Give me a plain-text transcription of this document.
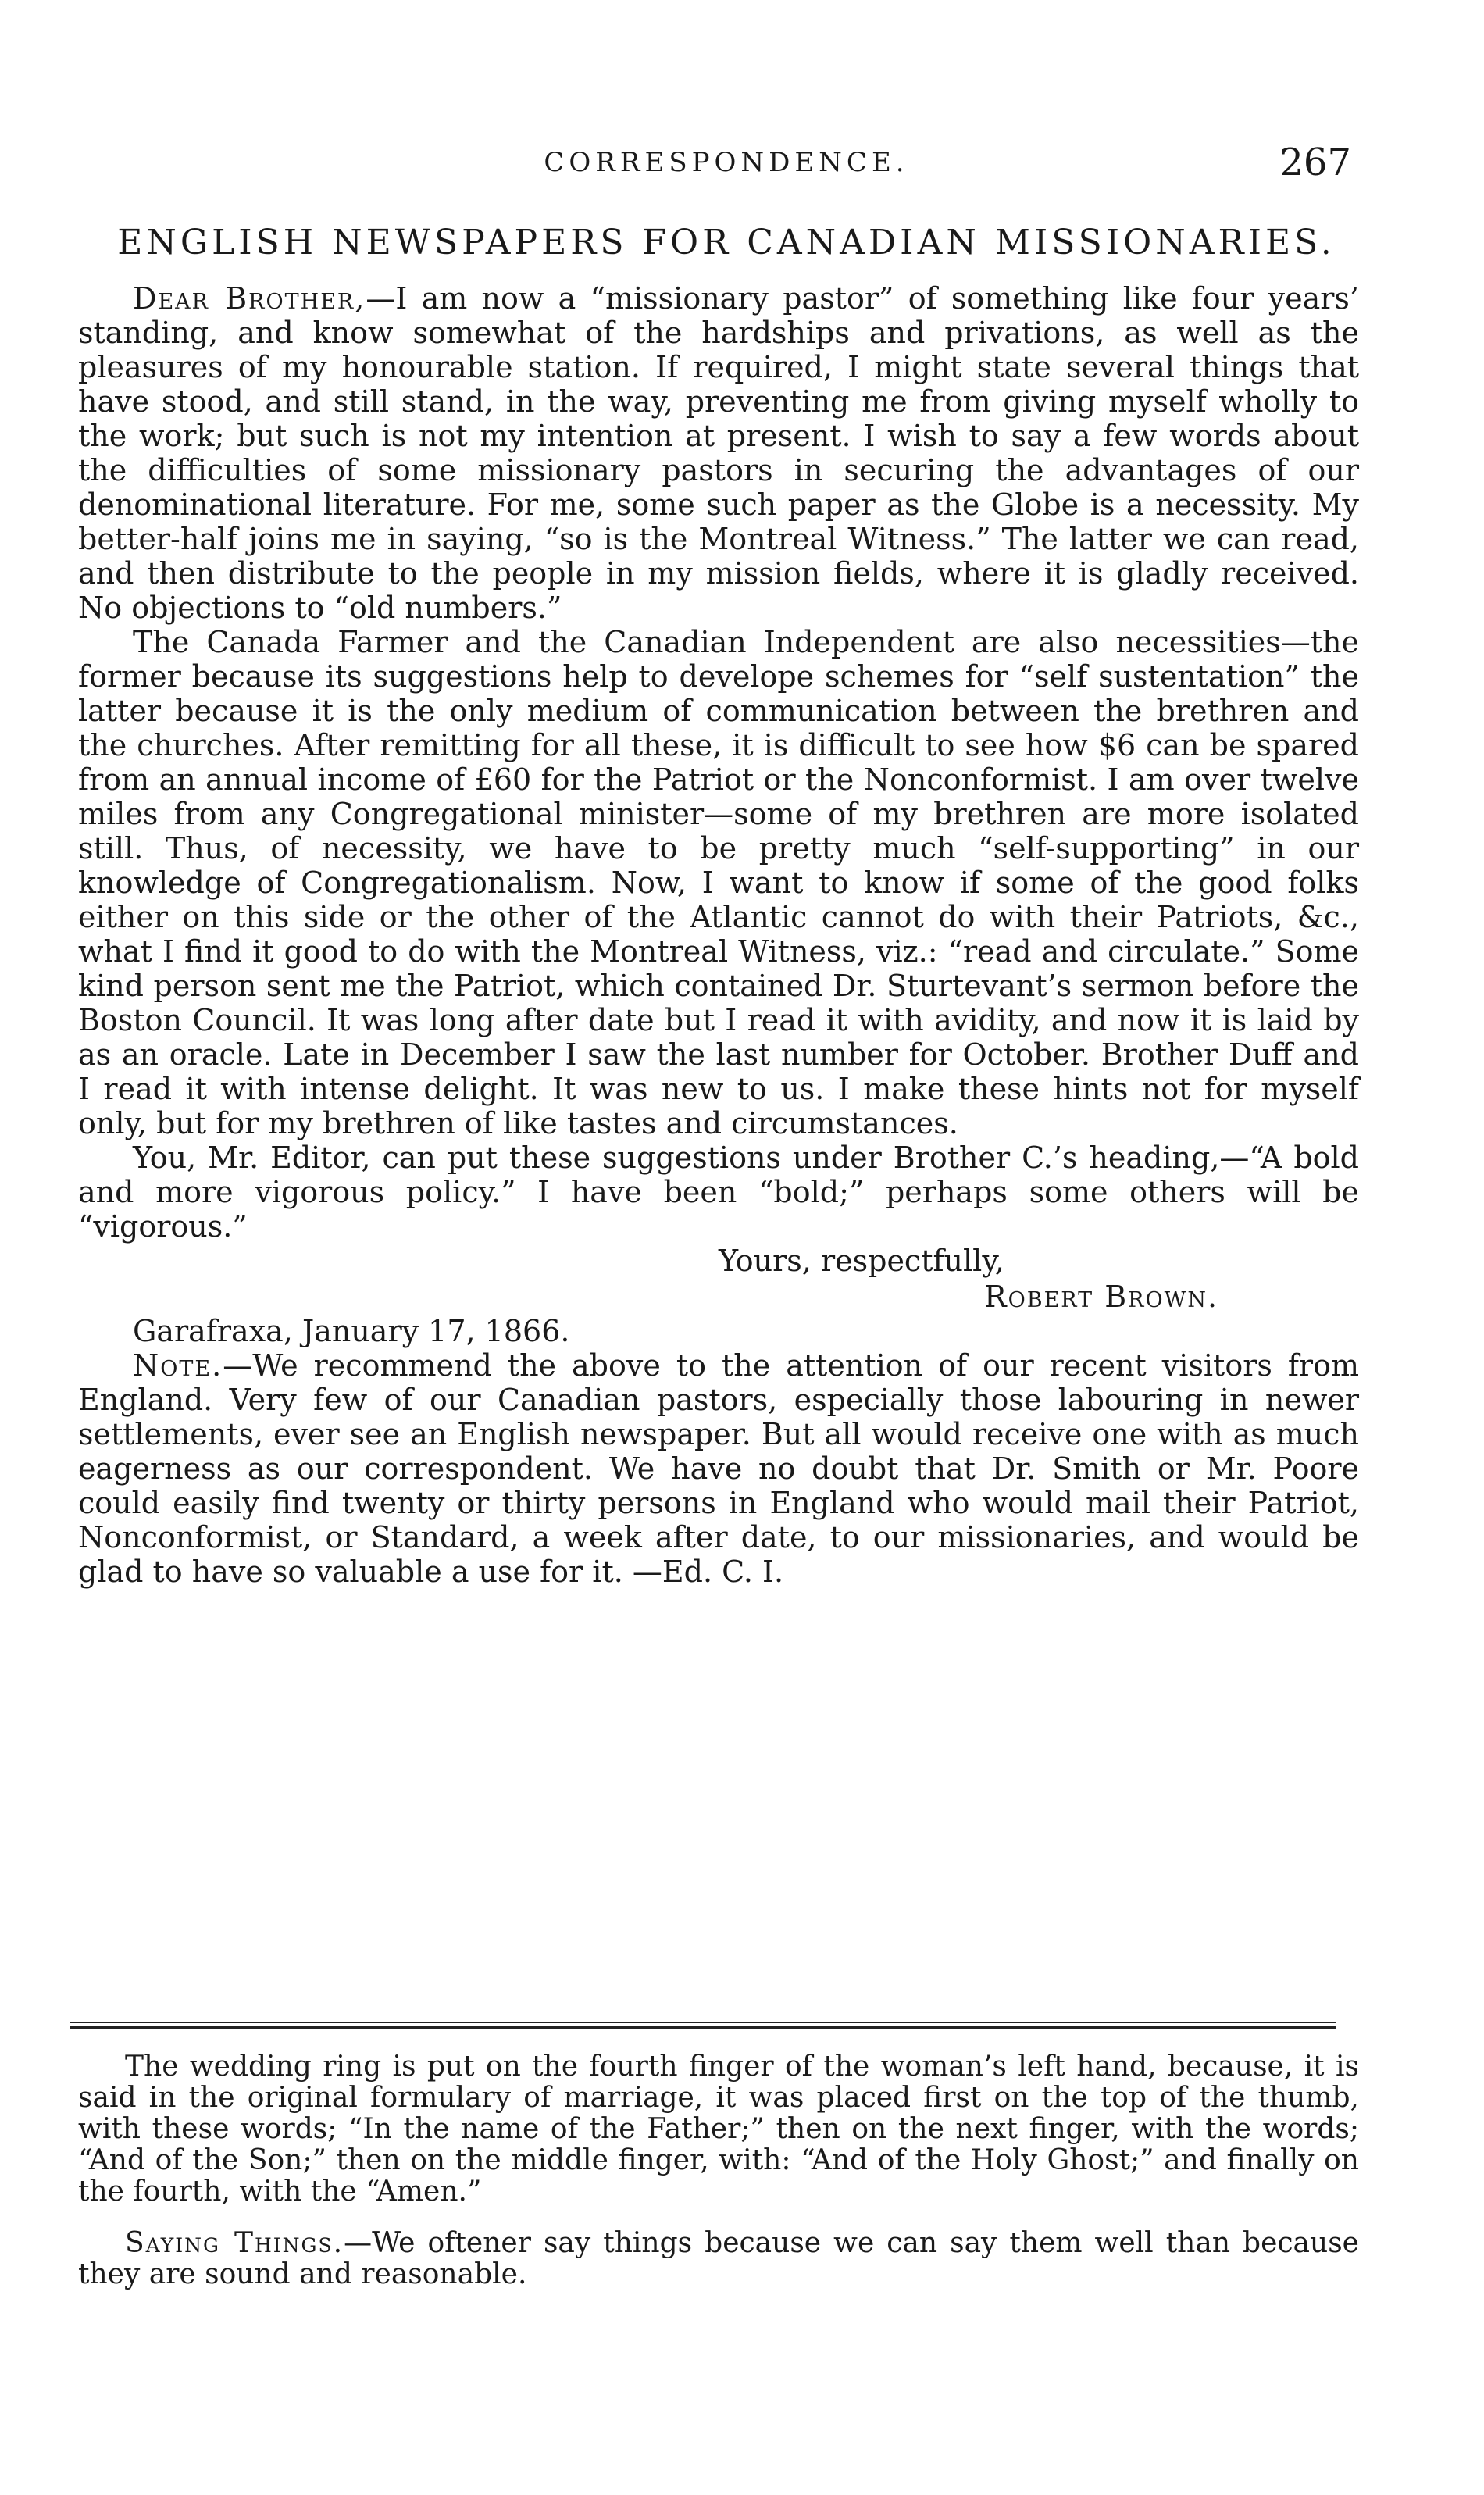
CORRESPONDENCE.	267
ENGLISH NEWSPAPERS FOR CANADIAN MISSIONARIES.

Dear Brother,—I am now a “missionary pastor” of something like four years’ standing, and know somewhat of the hardships and privations, as well as the pleasures of my honourable station. If required, I might state several things that have stood, and still stand, in the way, preventing me from giving myself wholly to the work; but such is not my intention at present. I wish to say a few words about the difficulties of some missionary pastors in securing the advantages of our denominational literature. For me, some such paper as the Globe is a necessity. My better-half joins me in saying, “so is the Montreal Witness.” The latter we can read, and then distribute to the people in my mission fields, where it is gladly received. No objections to “old numbers.”

The Canada Farmer and the Canadian Independent are also necessities—the former because its suggestions help to develope schemes for “self sustentation” the latter because it is the only medium of communication between the brethren and the churches. After remitting for all these, it is difficult to see how $6 can be spared from an annual income of £60 for the Patriot or the Nonconformist. I am over twelve miles from any Congregational minister—some of my brethren are more isolated still. Thus, of necessity, we have to be pretty much “self-supporting” in our knowledge of Congregationalism. Now, I want to know if some of the good folks either on this side or the other of the Atlantic cannot do with their Patriots, &c., what I find it good to do with the Montreal Witness, viz.: “read and circulate.” Some kind person sent me the Patriot, which contained Dr. Sturtevant’s sermon before the Boston Council. It was long after date but I read it with avidity, and now it is laid by as an oracle. Late in December I saw the last number for October. Brother Duff and I read it with intense delight. It was new to us. I make these hints not for myself only, but for my brethren of like tastes and circumstances.

You, Mr. Editor, can put these suggestions under Brother C.’s heading,—“A bold and more vigorous policy.” I have been “bold;” perhaps some others will be “vigorous.”

Yours, respectfully,
Robert Brown.

Garafraxa, January 17, 1866.

Note.—We recommend the above to the attention of our recent visitors from England. Very few of our Canadian pastors, especially those labouring in newer settlements, ever see an English newspaper. But all would receive one with as much eagerness as our correspondent. We have no doubt that Dr. Smith or Mr. Poore could easily find twenty or thirty persons in England who would mail their Patriot, Nonconformist, or Standard, a week after date, to our missionaries, and would be glad to have so valuable a use for it. —Ed. C. I.

The wedding ring is put on the fourth finger of the woman’s left hand, because, it is said in the original formulary of marriage, it was placed first on the top of the thumb, with these words; “In the name of the Father;” then on the next finger, with the words; “And of the Son;” then on the middle finger, with: “And of the Holy Ghost;” and finally on the fourth, with the “Amen.”

Saying Things.—We oftener say things because we can say them well than because they are sound and reasonable.
